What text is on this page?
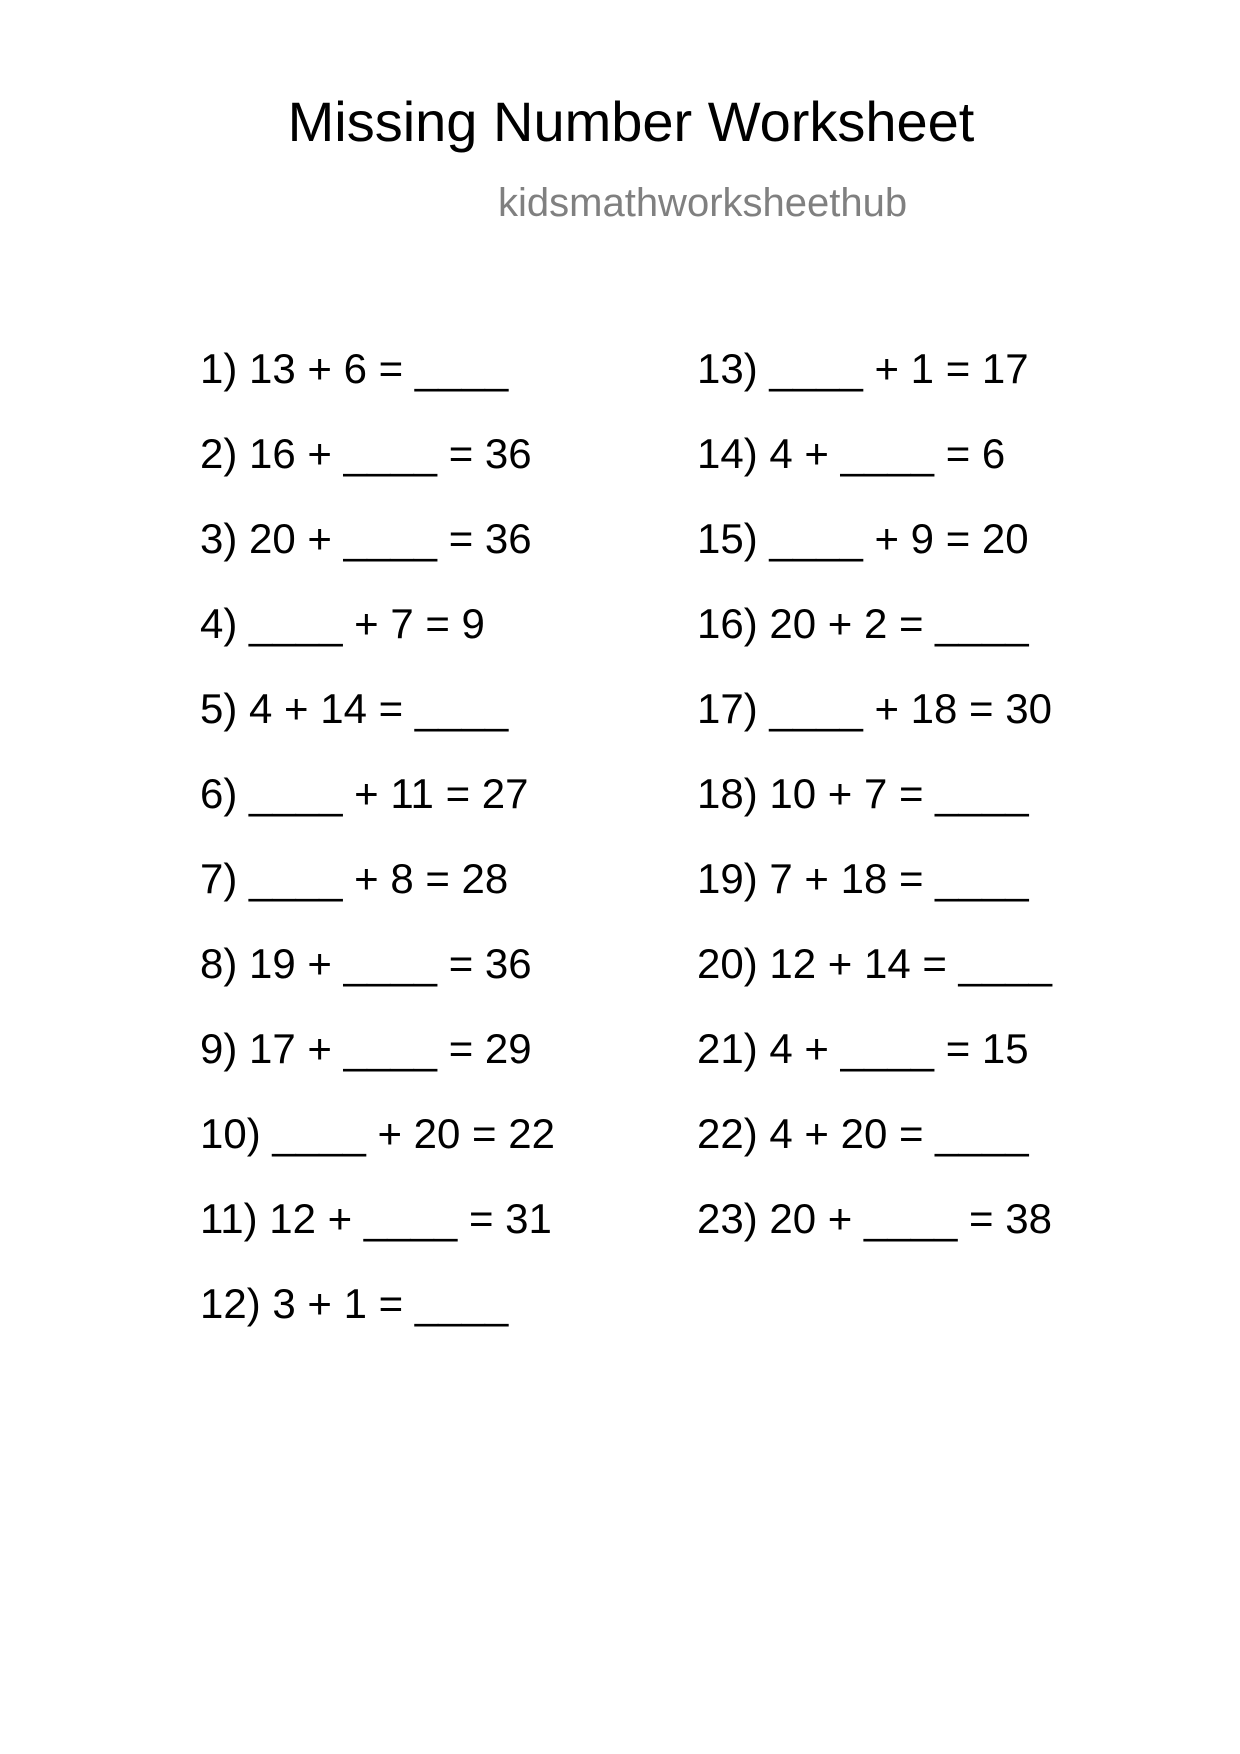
Missing Number Worksheet
kidsmathworksheethub
1) 13 + 6 = ____
2) 16 + ____ = 36
3) 20 + ____ = 36
4) ____ + 7 = 9
5) 4 + 14 = ____
6) ____ + 11 = 27
7) ____ + 8 = 28
8) 19 + ____ = 36
9) 17 + ____ = 29
10) ____ + 20 = 22
11) 12 + ____ = 31
12) 3 + 1 = ____
13) ____ + 1 = 17
14) 4 + ____ = 6
15) ____ + 9 = 20
16) 20 + 2 = ____
17) ____ + 18 = 30
18) 10 + 7 = ____
19) 7 + 18 = ____
20) 12 + 14 = ____
21) 4 + ____ = 15
22) 4 + 20 = ____
23) 20 + ____ = 38
